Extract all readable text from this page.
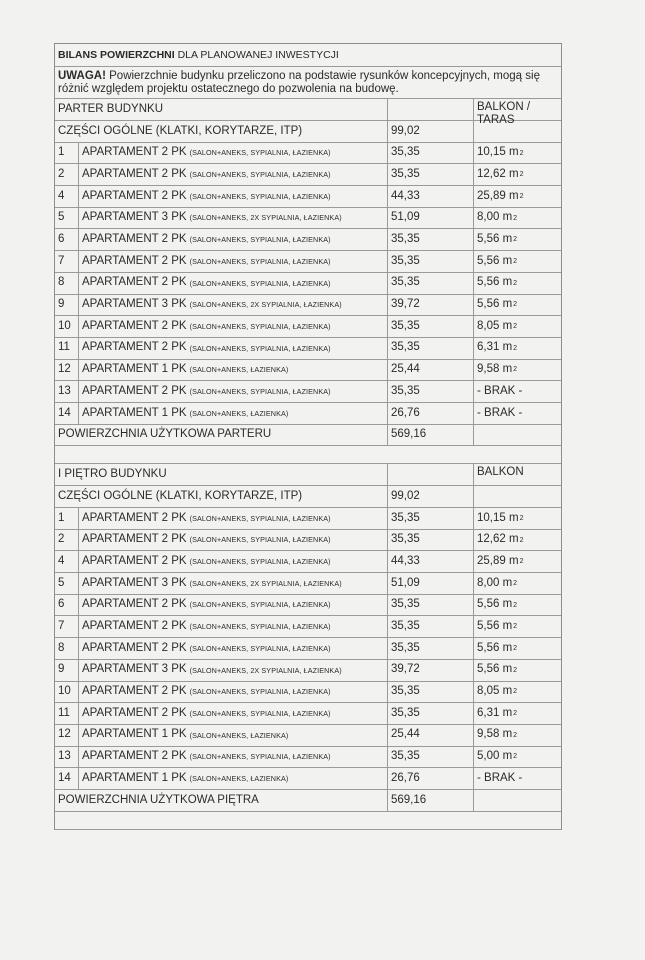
BILANS POWIERZCHNI
DLA PLANOWANEJ INWESTYCJI
UWAGA! Powierzchnie budynku przeliczono na podstawie rysunków koncepcyjnych, mogą się różnić względem projektu ostatecznego do pozwolenia na budowę.
PARTER BUDYNKU	BALKON / TARAS
CZĘŚCI OGÓLNE (KLATKI, KORYTARZE, ITP)	99,02
1	APARTAMENT 2 PK (SALON+ANEKS, SYPIALNIA, ŁAZIENKA)	35,35	10,15 m 2
2	APARTAMENT 2 PK (SALON+ANEKS, SYPIALNIA, ŁAZIENKA)	35,35	12,62 m 2
4	APARTAMENT 2 PK (SALON+ANEKS, SYPIALNIA, ŁAZIENKA)	44,33	25,89 m 2
5	APARTAMENT 3 PK (SALON+ANEKS, 2X SYPIALNIA, ŁAZIENKA)	51,09	8,00 m 2
6	APARTAMENT 2 PK (SALON+ANEKS, SYPIALNIA, ŁAZIENKA)	35,35	5,56 m 2
7	APARTAMENT 2 PK (SALON+ANEKS, SYPIALNIA, ŁAZIENKA)	35,35	5,56 m 2
8	APARTAMENT 2 PK (SALON+ANEKS, SYPIALNIA, ŁAZIENKA)	35,35	5,56 m 2
9	APARTAMENT 3 PK (SALON+ANEKS, 2X SYPIALNIA, ŁAZIENKA)	39,72	5,56 m 2
10 APARTAMENT 2 PK (SALON+ANEKS, SYPIALNIA, ŁAZIENKA)	35,35	8,05 m 2
11	APARTAMENT 2 PK (SALON+ANEKS, SYPIALNIA, ŁAZIENKA)	35,35	6,31 m 2
12 APARTAMENT 1 PK (SALON+ANEKS, ŁAZIENKA)	25,44	9,58 m 2
13 APARTAMENT 2 PK (SALON+ANEKS, SYPIALNIA, ŁAZIENKA)	35,35	- BRAK -
14 APARTAMENT 1 PK (SALON+ANEKS, ŁAZIENKA)	26,76	- BRAK -
POWIERZCHNIA UŻYTKOWA PARTERU	569,16
I PIĘTRO BUDYNKU	BALKON
CZĘŚCI OGÓLNE (KLATKI, KORYTARZE, ITP)	99,02
1	APARTAMENT 2 PK (SALON+ANEKS, SYPIALNIA, ŁAZIENKA)	35,35	10,15 m 2
2	APARTAMENT 2 PK (SALON+ANEKS, SYPIALNIA, ŁAZIENKA)	35,35	12,62 m 2
4	APARTAMENT 2 PK (SALON+ANEKS, SYPIALNIA, ŁAZIENKA)	44,33	25,89 m 2
5	APARTAMENT 3 PK (SALON+ANEKS, 2X SYPIALNIA, ŁAZIENKA)	51,09	8,00 m 2
6	APARTAMENT 2 PK (SALON+ANEKS, SYPIALNIA, ŁAZIENKA)	35,35	5,56 m 2
7	APARTAMENT 2 PK (SALON+ANEKS, SYPIALNIA, ŁAZIENKA)	35,35	5,56 m 2
8	APARTAMENT 2 PK (SALON+ANEKS, SYPIALNIA, ŁAZIENKA)	35,35	5,56 m 2
9	APARTAMENT 3 PK (SALON+ANEKS, 2X SYPIALNIA, ŁAZIENKA)	39,72	5,56 m 2
10 APARTAMENT 2 PK (SALON+ANEKS, SYPIALNIA, ŁAZIENKA)	35,35	8,05 m 2
11	APARTAMENT 2 PK (SALON+ANEKS, SYPIALNIA, ŁAZIENKA)	35,35	6,31 m 2
12 APARTAMENT 1 PK (SALON+ANEKS, ŁAZIENKA)	25,44	9,58 m 2
13 APARTAMENT 2 PK (SALON+ANEKS, SYPIALNIA, ŁAZIENKA)	35,35	5,00 m 2
14 APARTAMENT 1 PK (SALON+ANEKS, ŁAZIENKA)	26,76	- BRAK -
POWIERZCHNIA UŻYTKOWA PIĘTRA	569,16
